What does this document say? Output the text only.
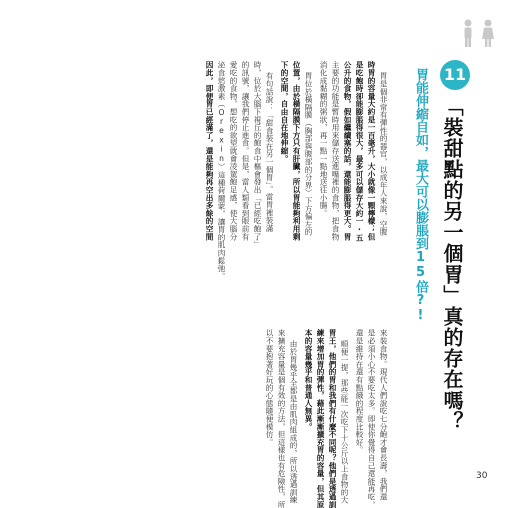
11
「裝甜點的另一個胃」真的存在嗎？
胃能伸縮自如，最大可以膨脹到15倍?!
胃是個非常有彈性的器官，以成年人來說，空腹
時胃的容量大約是一百毫升，大小就像一顆檸檬；但
是吃飽時卻能膨脹得很大，最多可以儲存大約一‧五
公升的食物，假如繼續塞的話，還能膨脹得更大。胃
主要的功能是暫時用來儲存送進嘴裡的食物，把食物
消化成黏糊的粥狀，再一點一點地送往小腸。
胃位於橫隔膜（胸部與腹部的分界）下方偏左的
位置，由於橫隔膜下方只有肝臟，所以胃能夠利用剩
下的空間，自由自在地伸縮。
有句話說：「甜食裝在另一個胃」。當胃裡裝滿
時，位於大腦下視丘的飽食中樞會發出「已經吃飽了」
的訊號，讓我們停止進食。但是，當人類看到眼前有
愛吃的食物，想吃的欲望就會凌駕飽足感，使大腦分
泌食慾激素（Orexin）這種荷爾蒙，讓胃的肌肉鬆弛。
因此，即便胃已經滿了，還是能夠再空出多餘的空間
來裝食物。現代人們說吃七分飽才會長壽，我們還
是必須小心不要吃太多。即使你覺得自己還能再吃，
還是維持在還有點餓的程度比較好。
順便一提，那些能一次吃下十公斤以上食物的大
胃王，他們的胃和我們有什麼不同呢？他們是透過訓
練來增加胃的彈性，藉此漸漸擴充胃的容量，但其原
本的容量幾乎和普通人無異。
由於胃幾乎全都是由肌肉組成的，所以透過訓練
來擴充容量是個有效的方法，但這樣也有危險性，所
以不要抱著好玩的心態隨便模仿。
30
